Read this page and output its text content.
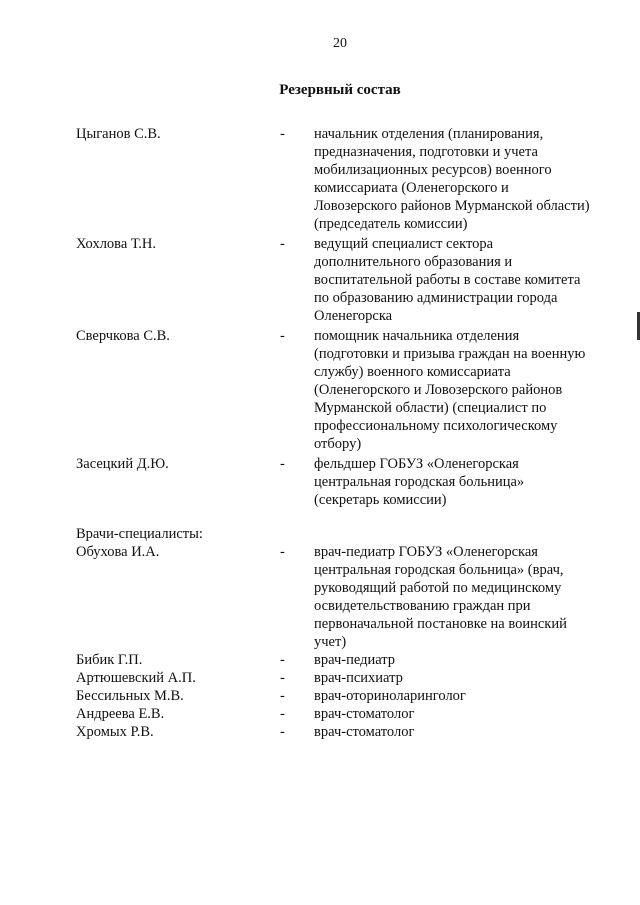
20
Резервный состав
Цыганов С.В.	-	начальник отделения (планирования, предназначения, подготовки и учета мобилизационных ресурсов) военного комиссариата (Оленегорского и Ловозерского районов Мурманской области) (председатель комиссии)
Хохлова Т.Н.	-	ведущий специалист сектора дополнительного образования и воспитательной работы в составе комитета по образованию администрации города Оленегорска
Сверчкова С.В.	-	помощник начальника отделения (подготовки и призыва граждан на военную службу) военного комиссариата (Оленегорского и Ловозерского районов Мурманской области) (специалист по профессиональному психологическому отбору)
Засецкий Д.Ю.	-	фельдшер ГОБУЗ «Оленегорская центральная городская больница» (секретарь комиссии)
Врачи-специалисты:
Обухова И.А.	-	врач-педиатр ГОБУЗ «Оленегорская центральная городская больница» (врач, руководящий работой по медицинскому освидетельствованию граждан при первоначальной постановке на воинский учет)
Бибик Г.П.	-	врач-педиатр
Артюшевский А.П.	-	врач-психиатр
Бессильных М.В.	-	врач-оториноларинголог
Андреева Е.В.	-	врач-стоматолог
Хромых Р.В.	-	врач-стоматолог
